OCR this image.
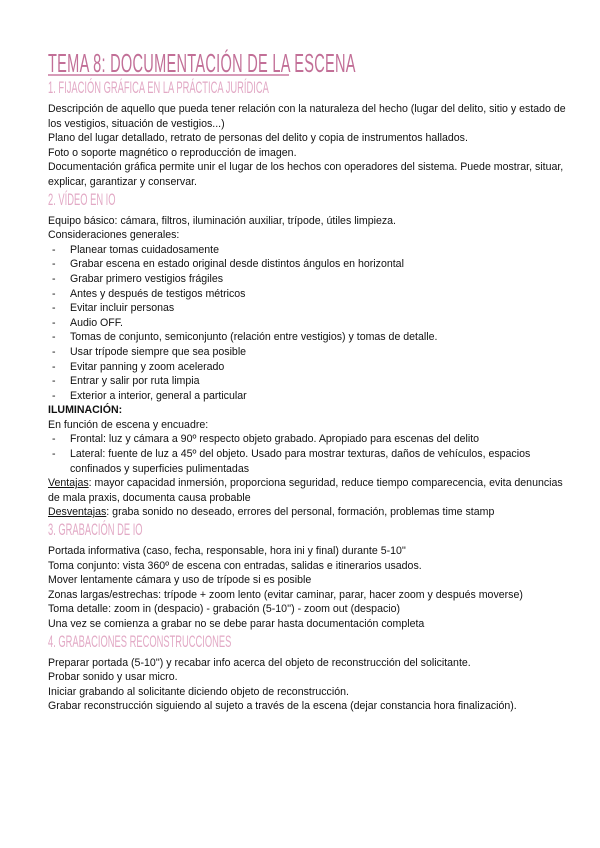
TEMA 8: DOCUMENTACIÓN DE LA ESCENA
1. FIJACIÓN GRÁFICA EN LA PRÁCTICA JURÍDICA

Descripción de aquello que pueda tener relación con la naturaleza del hecho (lugar del delito, sitio y estado de los vestigios, situación de vestigios...)

Plano del lugar detallado, retrato de personas del delito y copia de instrumentos hallados.

Foto o soporte magnético o reproducción de imagen.

Documentación gráfica permite unir el lugar de los hechos con operadores del sistema. Puede mostrar, situar, explicar, garantizar y conservar.

2. VÍDEO EN IO

Equipo básico: cámara, filtros, iluminación auxiliar, trípode, útiles limpieza.

Consideraciones generales:

- Planear tomas cuidadosamente
- Grabar escena en estado original desde distintos ángulos en horizontal
- Grabar primero vestigios frágiles
- Antes y después de testigos métricos
- Evitar incluir personas
- Audio OFF.
- Tomas de conjunto, semiconjunto (relación entre vestigios) y tomas de detalle.
- Usar trípode siempre que sea posible
- Evitar panning y zoom acelerado
- Entrar y salir por ruta limpia
- Exterior a interior, general a particular

ILUMINACIÓN:

En función de escena y encuadre:

- Frontal: luz y cámara a 90º respecto objeto grabado. Apropiado para escenas del delito
- Lateral: fuente de luz a 45º del objeto. Usado para mostrar texturas, daños de vehículos, espacios confinados y superficies pulimentadas

Ventajas: mayor capacidad inmersión, proporciona seguridad, reduce tiempo comparecencia, evita denuncias de mala praxis, documenta causa probable

Desventajas: graba sonido no deseado, errores del personal, formación, problemas time stamp

3. GRABACIÓN DE IO

Portada informativa (caso, fecha, responsable, hora ini y final) durante 5-10''

Toma conjunto: vista 360º de escena con entradas, salidas e itinerarios usados.

Mover lentamente cámara y uso de trípode si es posible

Zonas largas/estrechas: trípode + zoom lento (evitar caminar, parar, hacer zoom y después moverse)

Toma detalle: zoom in (despacio) - grabación (5-10'') - zoom out (despacio)

Una vez se comienza a grabar no se debe parar hasta documentación completa

4. GRABACIONES RECONSTRUCCIONES

Preparar portada (5-10'') y recabar info acerca del objeto de reconstrucción del solicitante.

Probar sonido y usar micro.

Iniciar grabando al solicitante diciendo objeto de reconstrucción.

Grabar reconstrucción siguiendo al sujeto a través de la escena (dejar constancia hora finalización).
